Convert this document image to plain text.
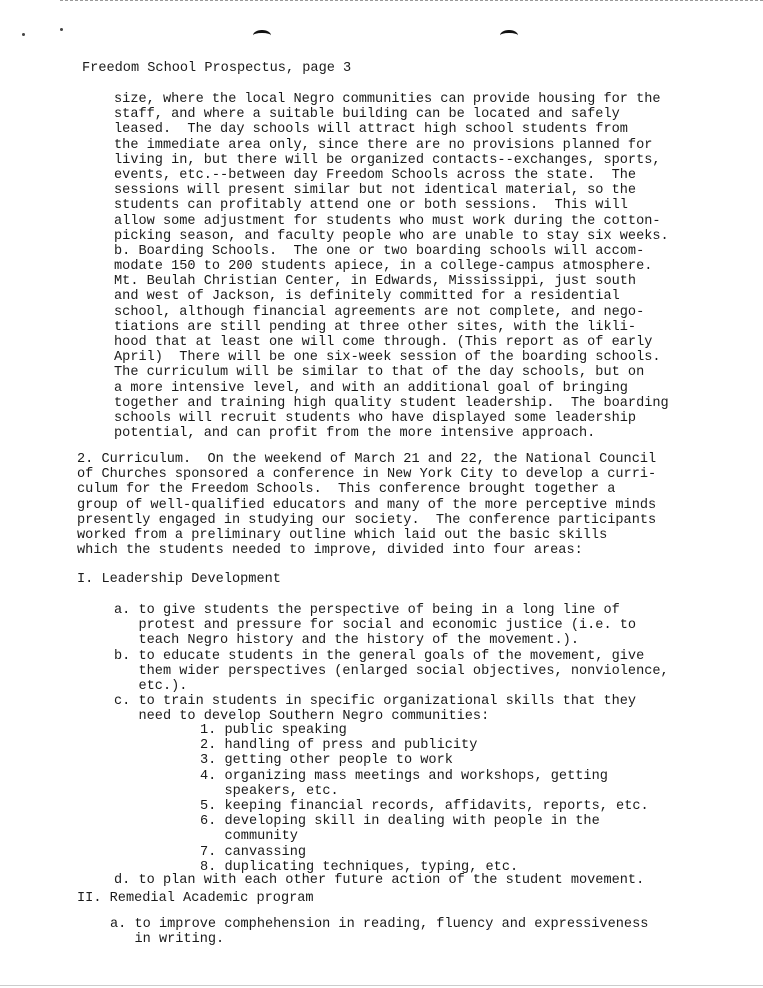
Freedom School Prospectus, page 3
size, where the local Negro communities can provide housing for the
staff, and where a suitable building can be located and safely
leased.  The day schools will attract high school students from
the immediate area only, since there are no provisions planned for
living in, but there will be organized contacts--exchanges, sports,
events, etc.--between day Freedom Schools across the state.  The
sessions will present similar but not identical material, so the
students can profitably attend one or both sessions.  This will
allow some adjustment for students who must work during the cotton-
picking season, and faculty people who are unable to stay six weeks.
b. Boarding Schools.  The one or two boarding schools will accom-
modate 150 to 200 students apiece, in a college-campus atmosphere.
Mt. Beulah Christian Center, in Edwards, Mississippi, just south
and west of Jackson, is definitely committed for a residential
school, although financial agreements are not complete, and nego-
tiations are still pending at three other sites, with the likli-
hood that at least one will come through. (This report as of early
April)  There will be one six-week session of the boarding schools.
The curriculum will be similar to that of the day schools, but on
a more intensive level, and with an additional goal of bringing
together and training high quality student leadership.  The boarding
schools will recruit students who have displayed some leadership
potential, and can profit from the more intensive approach.
2. Curriculum.  On the weekend of March 21 and 22, the National Council
of Churches sponsored a conference in New York City to develop a curri-
culum for the Freedom Schools.  This conference brought together a
group of well-qualified educators and many of the more perceptive minds
presently engaged in studying our society.  The conference participants
worked from a preliminary outline which laid out the basic skills
which the students needed to improve, divided into four areas:
I. Leadership Development
a. to give students the perspective of being in a long line of
protest and pressure for social and economic justice (i.e. to
teach Negro history and the history of the movement.).
b. to educate students in the general goals of the movement, give
them wider perspectives (enlarged social objectives, nonviolence,
etc.).
c. to train students in specific organizational skills that they
need to develop Southern Negro communities:
1. public speaking
2. handling of press and publicity
3. getting other people to work
4. organizing mass meetings and workshops, getting
speakers, etc.
5. keeping financial records, affidavits, reports, etc.
6. developing skill in dealing with people in the
community
7. canvassing
8. duplicating techniques, typing, etc.
d. to plan with each other future action of the student movement.
II. Remedial Academic program
a. to improve comphehension in reading, fluency and expressiveness
in writing.
